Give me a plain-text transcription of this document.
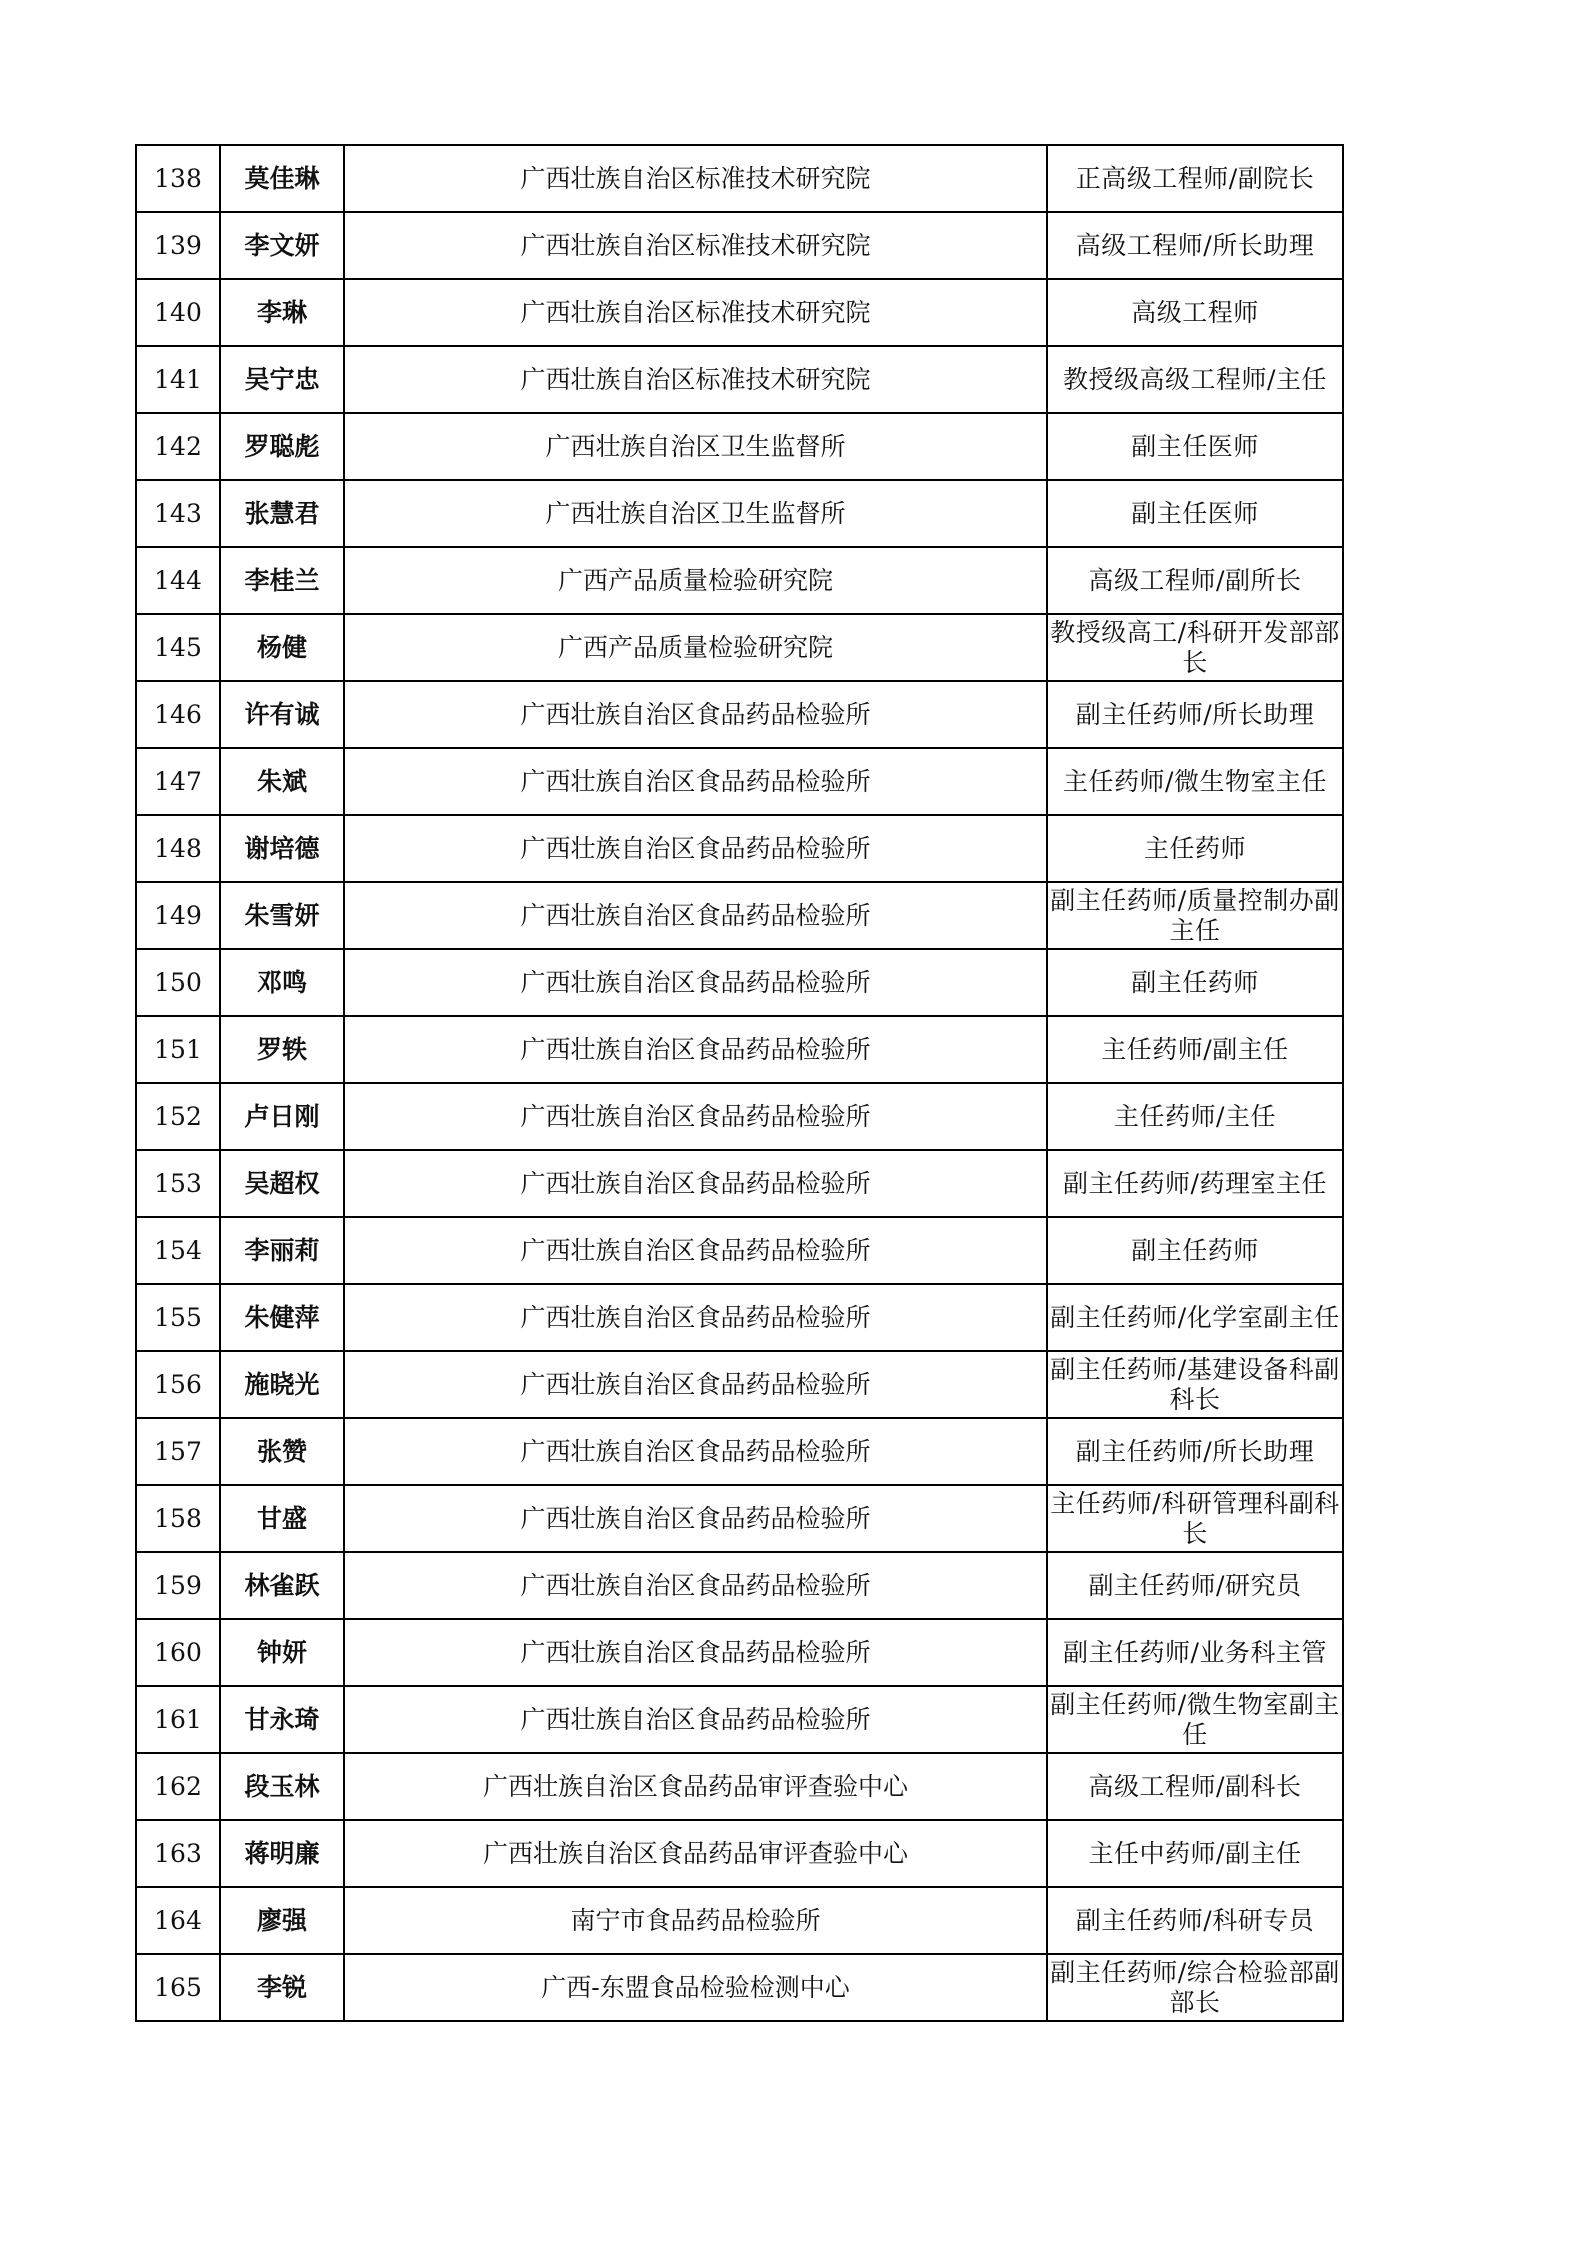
138	莫佳琳	广西壮族自治区标准技术研究院	正高级工程师/副院长
139	李文妍	广西壮族自治区标准技术研究院	高级工程师/所长助理
140	李琳	广西壮族自治区标准技术研究院	高级工程师
141	吴宁忠	广西壮族自治区标准技术研究院	教授级高级工程师/主任
142	罗聪彪	广西壮族自治区卫生监督所	副主任医师
143	张慧君	广西壮族自治区卫生监督所	副主任医师
144	李桂兰	广西产品质量检验研究院	高级工程师/副所长
145	杨健	广西产品质量检验研究院	教授级高工/科研开发部部长
146	许有诚	广西壮族自治区食品药品检验所	副主任药师/所长助理
147	朱斌	广西壮族自治区食品药品检验所	主任药师/微生物室主任
148	谢培德	广西壮族自治区食品药品检验所	主任药师
149	朱雪妍	广西壮族自治区食品药品检验所	副主任药师/质量控制办副主任
150	邓鸣	广西壮族自治区食品药品检验所	副主任药师
151	罗轶	广西壮族自治区食品药品检验所	主任药师/副主任
152	卢日刚	广西壮族自治区食品药品检验所	主任药师/主任
153	吴超权	广西壮族自治区食品药品检验所	副主任药师/药理室主任
154	李丽莉	广西壮族自治区食品药品检验所	副主任药师
155	朱健萍	广西壮族自治区食品药品检验所	副主任药师/化学室副主任
156	施晓光	广西壮族自治区食品药品检验所	副主任药师/基建设备科副科长
157	张赞	广西壮族自治区食品药品检验所	副主任药师/所长助理
158	甘盛	广西壮族自治区食品药品检验所	主任药师/科研管理科副科长
159	林雀跃	广西壮族自治区食品药品检验所	副主任药师/研究员
160	钟妍	广西壮族自治区食品药品检验所	副主任药师/业务科主管
161	甘永琦	广西壮族自治区食品药品检验所	副主任药师/微生物室副主任
162	段玉林	广西壮族自治区食品药品审评查验中心	高级工程师/副科长
163	蒋明廉	广西壮族自治区食品药品审评查验中心	主任中药师/副主任
164	廖强	南宁市食品药品检验所	副主任药师/科研专员
165	李锐	广西-东盟食品检验检测中心	副主任药师/综合检验部副部长
